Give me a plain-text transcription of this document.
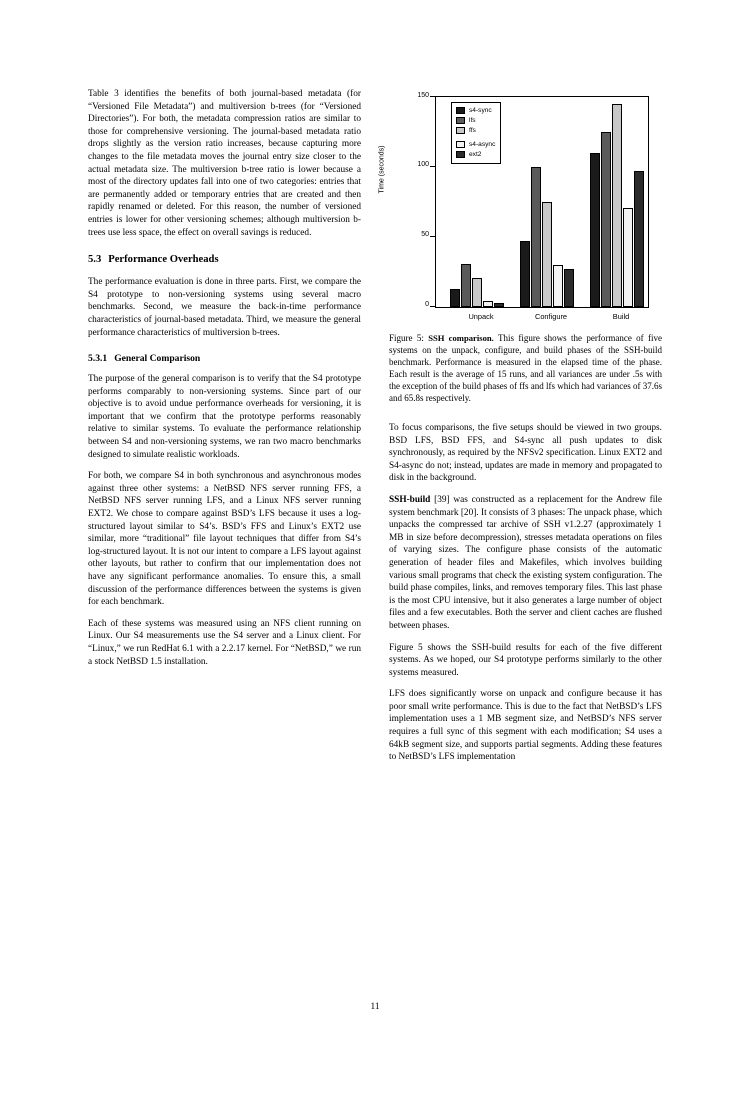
Table 3 identifies the benefits of both journal-based metadata (for “Versioned File Metadata”) and multiversion b-trees (for “Versioned Directories”). For both, the metadata compression ratios are similar to those for comprehensive versioning. The journal-based metadata ratio drops slightly as the version ratio increases, because capturing more changes to the file metadata moves the journal entry size closer to the actual metadata size. The multiversion b-tree ratio is lower because a most of the directory updates fall into one of two categories: entries that are permanently added or temporary entries that are created and then rapidly renamed or deleted. For this reason, the number of versioned entries is lower for other versioning schemes; although multiversion b-trees use less space, the effect on overall savings is reduced.

5.3 Performance Overheads

The performance evaluation is done in three parts. First, we compare the S4 prototype to non-versioning systems using several macro benchmarks. Second, we measure the back-in-time performance characteristics of journal-based metadata. Third, we measure the general performance characteristics of multiversion b-trees.

5.3.1 General Comparison

The purpose of the general comparison is to verify that the S4 prototype performs comparably to non-versioning systems. Since part of our objective is to avoid undue performance overheads for versioning, it is important that we confirm that the prototype performs reasonably relative to similar systems. To evaluate the performance relationship between S4 and non-versioning systems, we ran two macro benchmarks designed to simulate realistic workloads.

For both, we compare S4 in both synchronous and asynchronous modes against three other systems: a NetBSD NFS server running FFS, a NetBSD NFS server running LFS, and a Linux NFS server running EXT2. We chose to compare against BSD’s LFS because it uses a log-structured layout similar to S4’s. BSD’s FFS and Linux’s EXT2 use similar, more “traditional” file layout techniques that differ from S4’s log-structured layout. It is not our intent to compare a LFS layout against other layouts, but rather to confirm that our implementation does not have any significant performance anomalies. To ensure this, a small discussion of the performance differences between the systems is given for each benchmark.

Each of these systems was measured using an NFS client running on Linux. Our S4 measurements use the S4 server and a Linux client. For “Linux,” we run RedHat 6.1 with a 2.2.17 kernel. For “NetBSD,” we run a stock NetBSD 1.5 installation.

Time (seconds)
150
100
50
0
Unpack	Configure	Build
s4-sync
lfs
ffs
s4-async
ext2
Figure 5: SSH comparison. This figure shows the performance of five systems on the unpack, configure, and build phases of the SSH-build benchmark. Performance is measured in the elapsed time of the phase. Each result is the average of 15 runs, and all variances are under .5s with the exception of the build phases of ffs and lfs which had variances of 37.6s and 65.8s respectively.

To focus comparisons, the five setups should be viewed in two groups. BSD LFS, BSD FFS, and S4-sync all push updates to disk synchronously, as required by the NFSv2 specification. Linux EXT2 and S4-async do not; instead, updates are made in memory and propagated to disk in the background.

SSH-build [39] was constructed as a replacement for the Andrew file system benchmark [20]. It consists of 3 phases: The unpack phase, which unpacks the compressed tar archive of SSH v1.2.27 (approximately 1 MB in size before decompression), stresses metadata operations on files of varying sizes. The configure phase consists of the automatic generation of header files and Makefiles, which involves building various small programs that check the existing system configuration. The build phase compiles, links, and removes temporary files. This last phase is the most CPU intensive, but it also generates a large number of object files and a few executables. Both the server and client caches are flushed between phases.

Figure 5 shows the SSH-build results for each of the five different systems. As we hoped, our S4 prototype performs similarly to the other systems measured.

LFS does significantly worse on unpack and configure because it has poor small write performance. This is due to the fact that NetBSD’s LFS implementation uses a 1 MB segment size, and NetBSD’s NFS server requires a full sync of this segment with each modification; S4 uses a 64kB segment size, and supports partial segments. Adding these features to NetBSD’s LFS implementation

11
